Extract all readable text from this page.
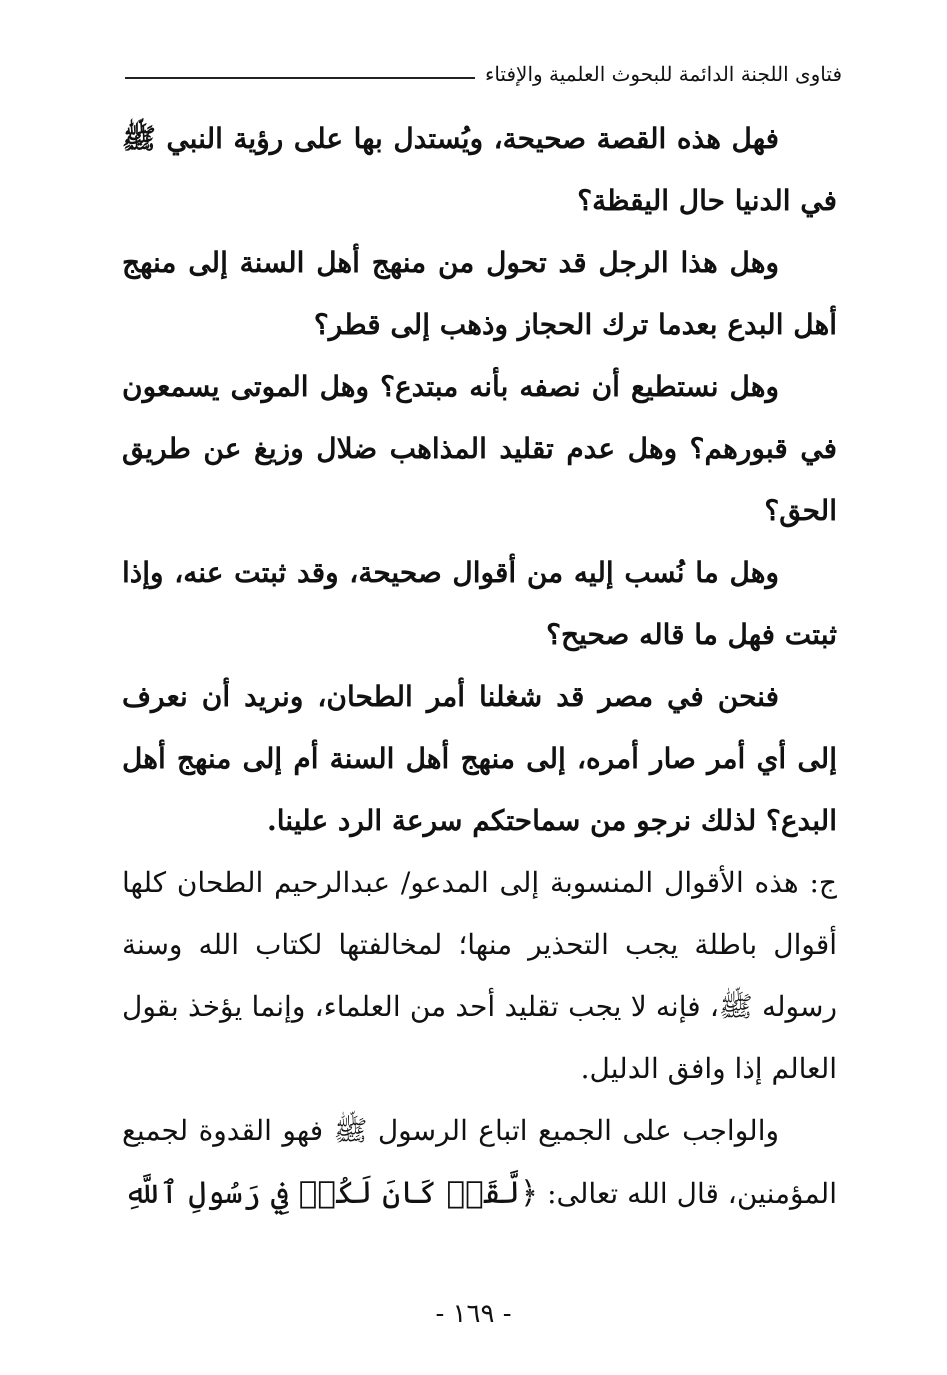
فتاوى اللجنة الدائمة للبحوث العلمية والإفتاء

فهل هذه القصة صحيحة، ويُستدل بها على رؤية النبي ﷺ في الدنيا حال اليقظة؟

وهل هذا الرجل قد تحول من منهج أهل السنة إلى منهج أهل البدع بعدما ترك الحجاز وذهب إلى قطر؟

وهل نستطيع أن نصفه بأنه مبتدع؟ وهل الموتى يسمعون في قبورهم؟ وهل عدم تقليد المذاهب ضلال وزيغ عن طريق الحق؟

وهل ما نُسب إليه من أقوال صحيحة، وقد ثبتت عنه، وإذا ثبتت فهل ما قاله صحيح؟

فنحن في مصر قد شغلنا أمر الطحان، ونريد أن نعرف إلى أي أمر صار أمره، إلى منهج أهل السنة أم إلى منهج أهل البدع؟ لذلك نرجو من سماحتكم سرعة الرد علينا.

ج: هذه الأقوال المنسوبة إلى المدعو/ عبدالرحيم الطحان كلها أقوال باطلة يجب التحذير منها؛ لمخالفتها لكتاب الله وسنة رسوله ﷺ، فإنه لا يجب تقليد أحد من العلماء، وإنما يؤخذ بقول العالم إذا وافق الدليل.

والواجب على الجميع اتباع الرسول ﷺ فهو القدوة لجميع المؤمنين، قال الله تعالى: ﴿لَّقَدۡ كَانَ لَكُمۡ فِي رَسُولِ ٱللَّهِ

- ١٦٩ -
